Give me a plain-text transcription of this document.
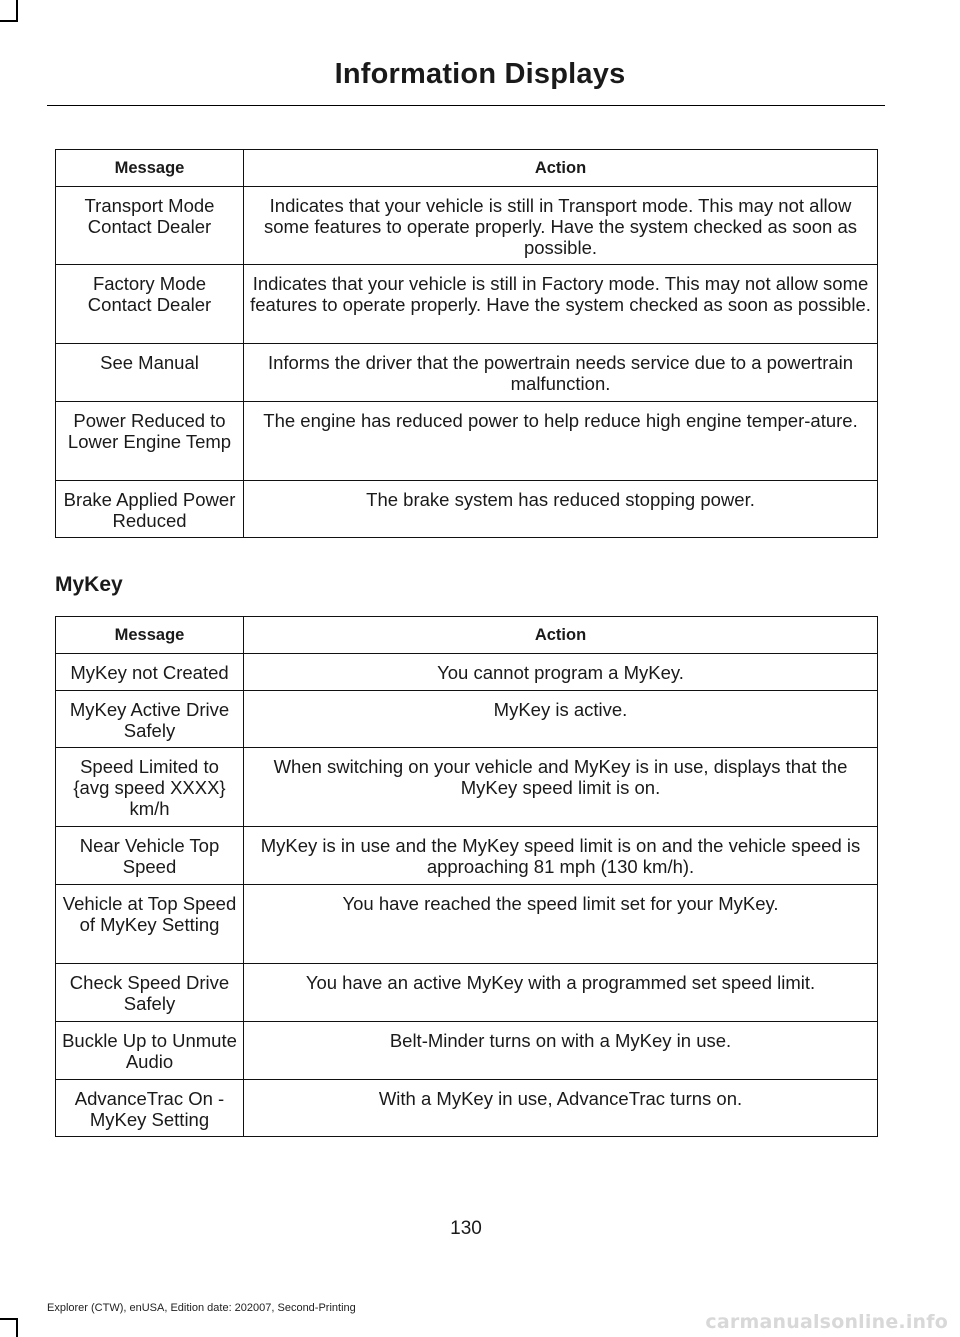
Information Displays
Message	Action
Transport Mode Contact Dealer	Indicates that your vehicle is still in Transport mode. This may not allow some features to operate properly. Have the system checked as soon as possible.
Factory Mode Contact Dealer	Indicates that your vehicle is still in Factory mode. This may not allow some features to operate properly. Have the system checked as soon as possible.
See Manual	Informs the driver that the powertrain needs service due to a powertrain malfunction.
Power Reduced to Lower Engine Temp	The engine has reduced power to help reduce high engine temper-ature.
Brake Applied Power Reduced	The brake system has reduced stopping power.
MyKey
Message	Action
MyKey not Created	You cannot program a MyKey.
MyKey Active Drive Safely	MyKey is active.
Speed Limited to {avg speed XXXX} km/h	When switching on your vehicle and MyKey is in use, displays that the MyKey speed limit is on.
Near Vehicle Top Speed	MyKey is in use and the MyKey speed limit is on and the vehicle speed is approaching 81 mph (130 km/h).
Vehicle at Top Speed of MyKey Setting	You have reached the speed limit set for your MyKey.
Check Speed Drive Safely	You have an active MyKey with a programmed set speed limit.
Buckle Up to Unmute Audio	Belt-Minder turns on with a MyKey in use.
AdvanceTrac On - MyKey Setting	With a MyKey in use, AdvanceTrac turns on.
130
Explorer (CTW), enUSA, Edition date: 202007, Second-Printing
carmanualsonline.info
